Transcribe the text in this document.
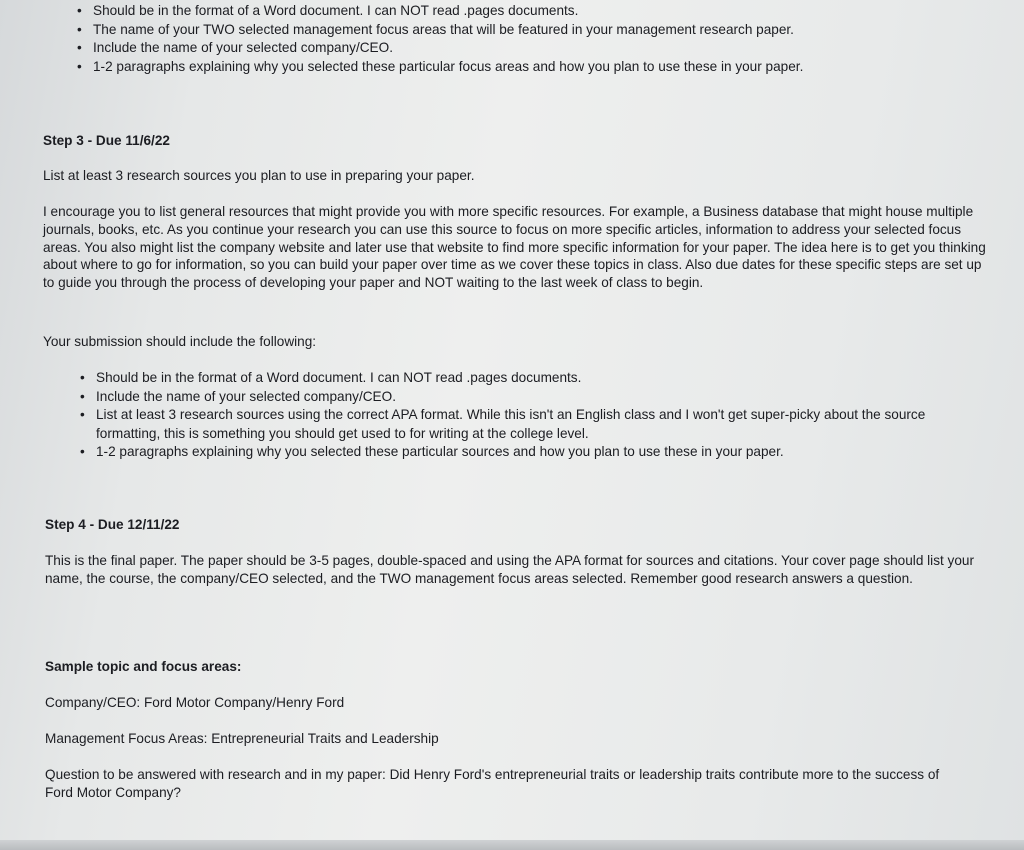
• Should be in the format of a Word document. I can NOT read .pages documents.
• The name of your TWO selected management focus areas that will be featured in your management research paper.
• Include the name of your selected company/CEO.
• 1-2 paragraphs explaining why you selected these particular focus areas and how you plan to use these in your paper.
Step 3 - Due 11/6/22
List at least 3 research sources you plan to use in preparing your paper.
I encourage you to list general resources that might provide you with more specific resources. For example, a Business database that might house multiple journals, books, etc. As you continue your research you can use this source to focus on more specific articles, information to address your selected focus areas. You also might list the company website and later use that website to find more specific information for your paper. The idea here is to get you thinking about where to go for information, so you can build your paper over time as we cover these topics in class. Also due dates for these specific steps are set up to guide you through the process of developing your paper and NOT waiting to the last week of class to begin.
Your submission should include the following:
• Should be in the format of a Word document. I can NOT read .pages documents.
• Include the name of your selected company/CEO.
• List at least 3 research sources using the correct APA format. While this isn't an English class and I won't get super-picky about the source formatting, this is something you should get used to for writing at the college level.
• 1-2 paragraphs explaining why you selected these particular sources and how you plan to use these in your paper.
Step 4 - Due 12/11/22
This is the final paper. The paper should be 3-5 pages, double-spaced and using the APA format for sources and citations. Your cover page should list your name, the course, the company/CEO selected, and the TWO management focus areas selected. Remember good research answers a question.
Sample topic and focus areas:
Company/CEO: Ford Motor Company/Henry Ford
Management Focus Areas: Entrepreneurial Traits and Leadership
Question to be answered with research and in my paper: Did Henry Ford's entrepreneurial traits or leadership traits contribute more to the success of Ford Motor Company?
